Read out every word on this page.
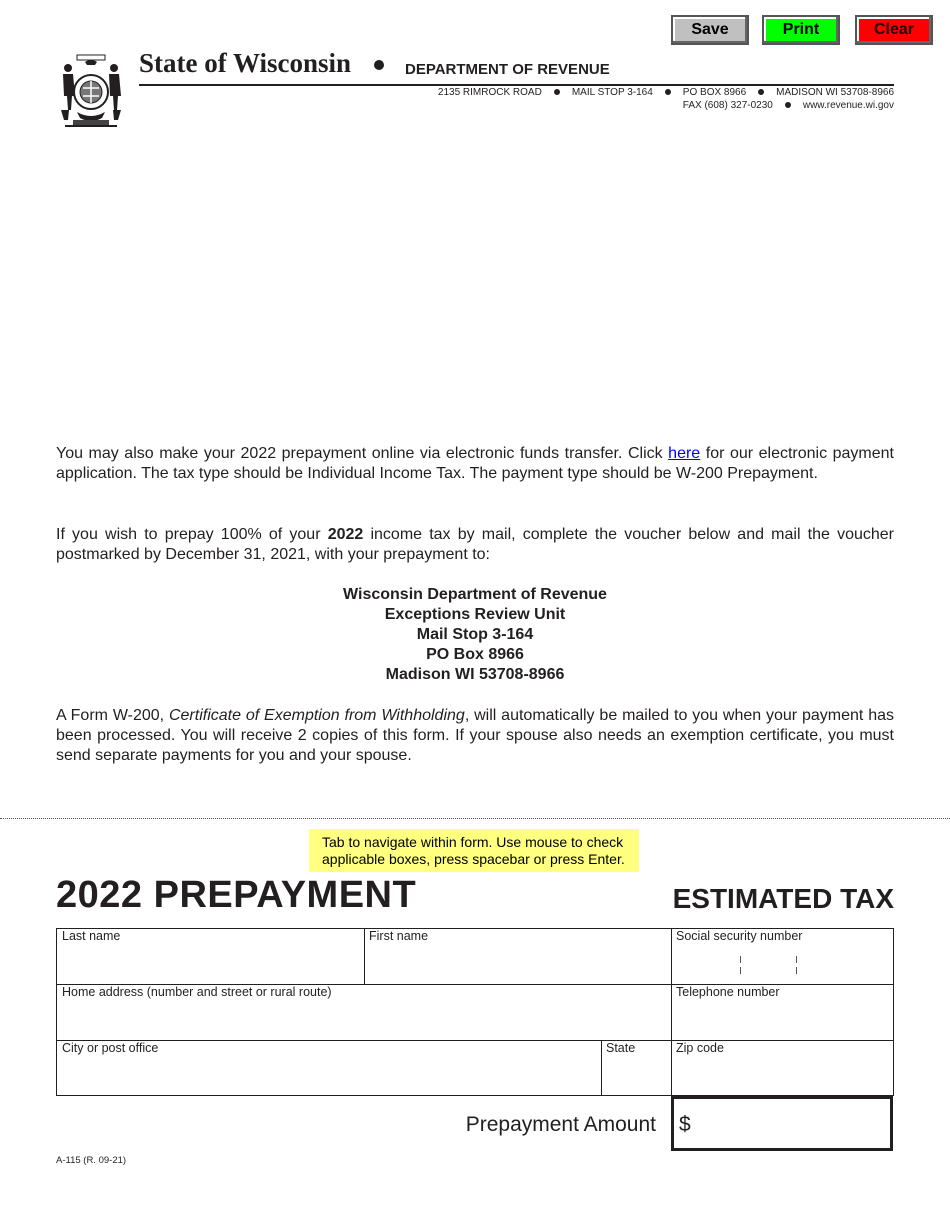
Save	Print	Clear
State of Wisconsin	DEPARTMENT OF REVENUE
2135 RIMROCK ROAD	MAIL STOP 3-164	PO BOX 8966	MADISON WI 53708-8966
FAX (608) 327-0230	www.revenue.wi.gov
You may also make your 2022 prepayment online via electronic funds transfer. Click here for our electronic payment application. The tax type should be Individual Income Tax. The payment type should be W-200 Prepayment.
If you wish to prepay 100% of your 2022 income tax by mail, complete the voucher below and mail the voucher postmarked by December 31, 2021, with your prepayment to:
Wisconsin Department of Revenue
Exceptions Review Unit
Mail Stop 3-164
PO Box 8966
Madison WI 53708-8966
A Form W-200, Certificate of Exemption from Withholding, will automatically be mailed to you when your payment has been processed. You will receive 2 copies of this form. If your spouse also needs an exemption certificate, you must send separate payments for you and your spouse.
Tab to navigate within form. Use mouse to check
applicable boxes, press spacebar or press Enter.
2022 PREPAYMENT	ESTIMATED TAX
Last name	First name	Social security number
Home address (number and street or rural route)	Telephone number
City or post office	State	Zip code
Prepayment Amount $
A-115 (R. 09-21)
